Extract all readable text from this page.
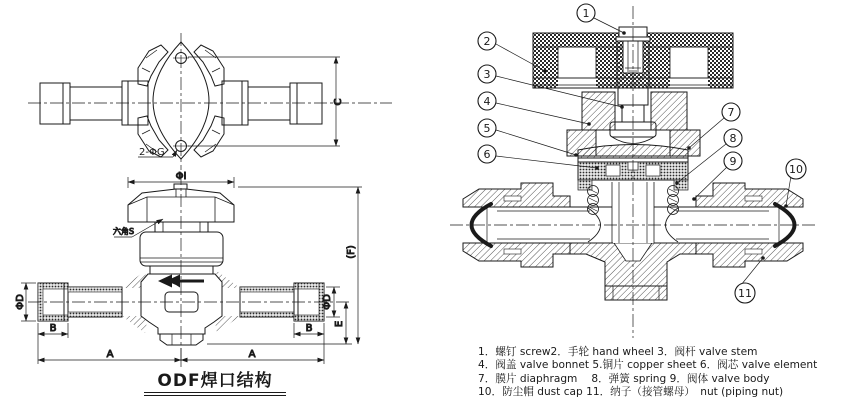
C
2-ΦG
ΦI
六角S
(F)
ΦD	ΦD
E
B	B
A	A
1
2
3
4
5
6
7
8
9
10
11
ODF焊口结构
1．螺钉 screw2．手轮 hand wheel 3．阀杆 valve stem
4．阀盖 valve bonnet 5.铜片 copper sheet 6．阀芯 valve element
7．膜片 diaphragm　 8．弹簧 spring 9．阀体 valve body
10．防尘帽 dust cap 11．纳子（接管螺母）　nut (piping nut)
